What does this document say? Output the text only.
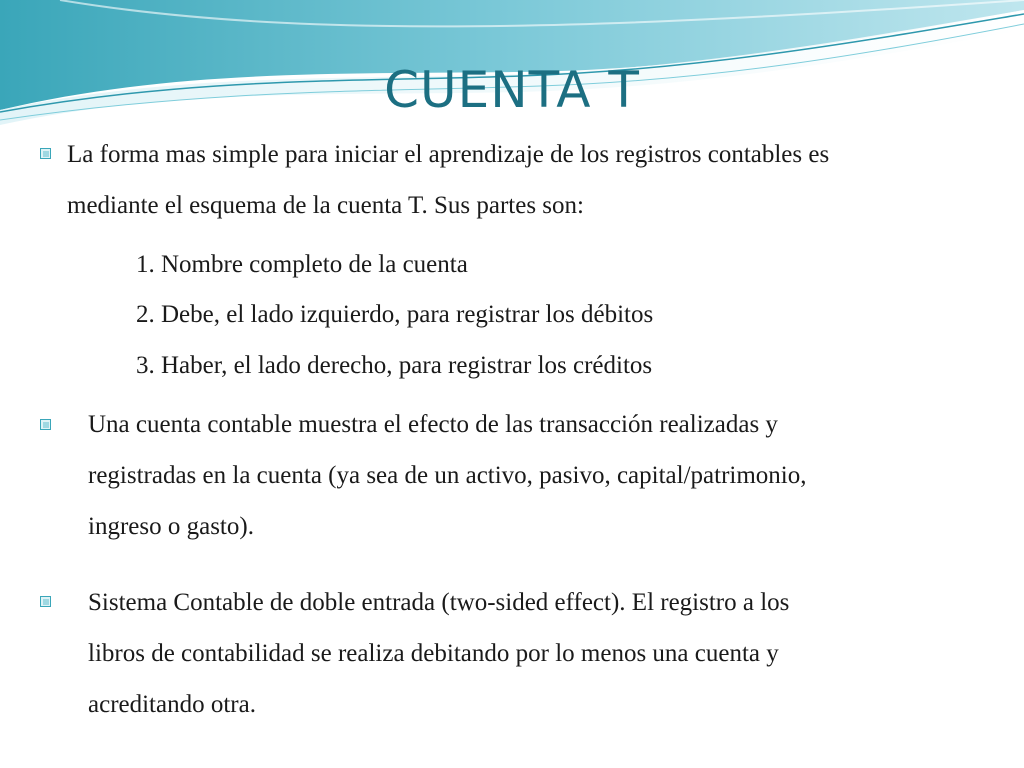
CUENTA T

La forma mas simple para iniciar el aprendizaje de los registros contables es

mediante el esquema de la cuenta T. Sus partes son:

1. Nombre completo de la cuenta
2. Debe, el lado izquierdo, para registrar los débitos
3. Haber, el lado derecho, para registrar los créditos

Una cuenta contable muestra el efecto de las transacción realizadas y

registradas en la cuenta (ya sea de un activo, pasivo, capital/patrimonio,

ingreso o gasto).

Sistema Contable de doble entrada (two-sided effect). El registro a los

libros de contabilidad se realiza debitando por lo menos una cuenta y

acreditando otra.
